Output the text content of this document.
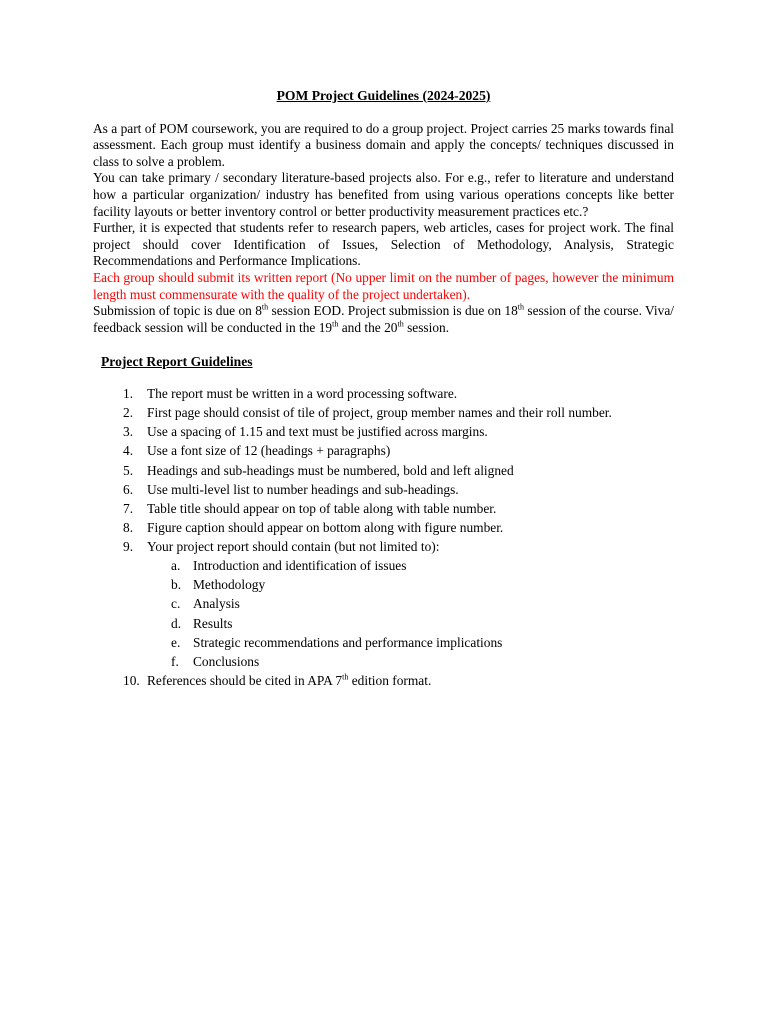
POM Project Guidelines (2024-2025)

As a part of POM coursework, you are required to do a group project. Project carries 25 marks towards final assessment. Each group must identify a business domain and apply the concepts/ techniques discussed in class to solve a problem.

You can take primary / secondary literature-based projects also. For e.g., refer to literature and understand how a particular organization/ industry has benefited from using various operations concepts like better facility layouts or better inventory control or better productivity measurement practices etc.?

Further, it is expected that students refer to research papers, web articles, cases for project work. The final project should cover Identification of Issues, Selection of Methodology, Analysis, Strategic Recommendations and Performance Implications.

Each group should submit its written report (No upper limit on the number of pages, however the minimum length must commensurate with the quality of the project undertaken).

Submission of topic is due on 8th session EOD. Project submission is due on 18th session of the course. Viva/ feedback session will be conducted in the 19th and the 20th session.

Project Report Guidelines
1. The report must be written in a word processing software.
2. First page should consist of tile of project, group member names and their roll number.
3. Use a spacing of 1.15 and text must be justified across margins.
4. Use a font size of 12 (headings + paragraphs)
5. Headings and sub-headings must be numbered, bold and left aligned
6. Use multi-level list to number headings and sub-headings.
7. Table title should appear on top of table along with table number.
8. Figure caption should appear on bottom along with figure number.
9. Your project report should contain (but not limited to):
a. Introduction and identification of issues
b. Methodology
c. Analysis
d. Results
e. Strategic recommendations and performance implications
f. Conclusions
10. References should be cited in APA 7th edition format.
